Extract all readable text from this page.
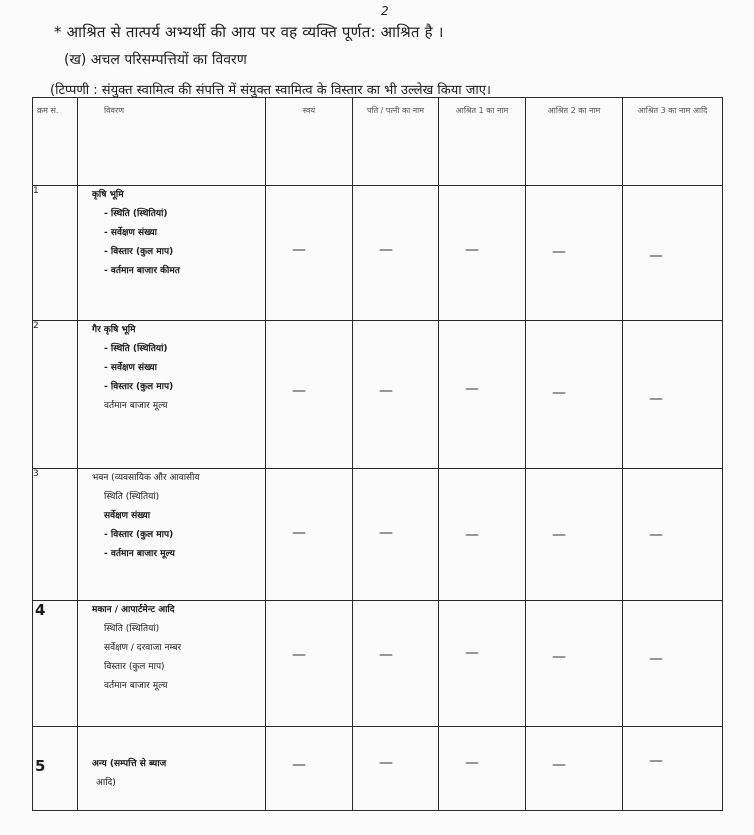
2
* आश्रित से तात्पर्य अभ्यर्थी की आय पर वह व्यक्ति पूर्णत: आश्रित है ।
(ख) अचल परिसम्पत्तियों का विवरण
(टिप्पणी : संयुक्त स्वामित्व की संपत्ति में संयुक्त स्वामित्व के विस्तार का भी उल्लेख किया जाए।
क्रम सं.	विवरण	स्वयं	पति / पत्नी का नाम	आश्रित 1 का नाम	आश्रित 2 का नाम	आश्रित 3 का नाम आदि
1	कृषि भूमि
- स्थिति (स्थितियां)
- सर्वेक्षण संख्या
- विस्तार (कुल माप)
- वर्तमान बाजार कीमत	—	—	—	—	—

2	गैर कृषि भूमि
- स्थिति (स्थितियां)
- सर्वेक्षण संख्या
- विस्तार (कुल माप)
वर्तमान बाजार मूल्य	—	—	—	—	—

3	भवन (व्यवसायिक और आवासीय
स्थिति (स्थितियां)
सर्वेक्षण संख्या
- विस्तार (कुल माप)
- वर्तमान बाजार मूल्य	—	—	—	—	—

4	मकान / आपार्टमेन्ट आदि
स्थिति (स्थितियां)
सर्वेक्षण / दरवाजा नम्बर
विस्तार (कुल माप)
वर्तमान बाजार मूल्य	—	—	—	—	—

5	अन्य (सम्पत्ति से ब्याज
आदि)	—	—	—	—	—
